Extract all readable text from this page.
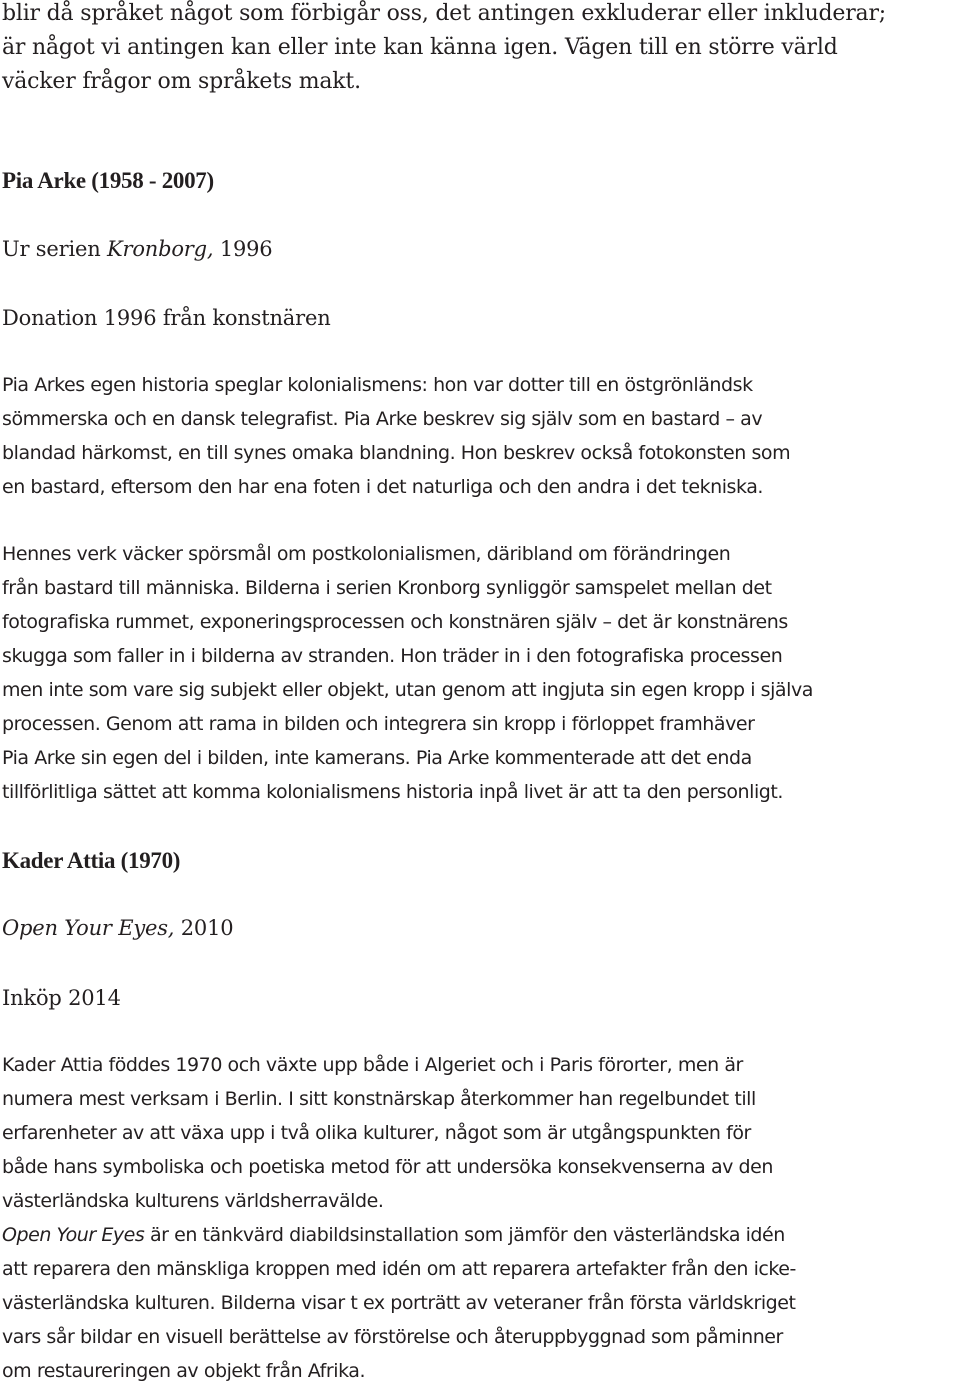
blir då språket något som förbigår oss, det antingen exkluderar eller inkluderar;
är något vi antingen kan eller inte kan känna igen. Vägen till en större värld
väcker frågor om språkets makt.

Pia Arke (1958 - 2007)

Ur serien Kronborg, 1996

Donation 1996 från konstnären

Pia Arkes egen historia speglar kolonialismens: hon var dotter till en östgrönländsk
sömmerska och en dansk telegrafist. Pia Arke beskrev sig själv som en bastard – av
blandad härkomst, en till synes omaka blandning. Hon beskrev också fotokonsten som
en bastard, eftersom den har ena foten i det naturliga och den andra i det tekniska.

Hennes verk väcker spörsmål om postkolonialismen, däribland om förändringen
från bastard till människa. Bilderna i serien Kronborg synliggör samspelet mellan det
fotografiska rummet, exponeringsprocessen och konstnären själv – det är konstnärens
skugga som faller in i bilderna av stranden. Hon träder in i den fotografiska processen
men inte som vare sig subjekt eller objekt, utan genom att ingjuta sin egen kropp i själva
processen. Genom att rama in bilden och integrera sin kropp i förloppet framhäver
Pia Arke sin egen del i bilden, inte kamerans. Pia Arke kommenterade att det enda
tillförlitliga sättet att komma kolonialismens historia inpå livet är att ta den personligt.

Kader Attia (1970)

Open Your Eyes, 2010

Inköp 2014

Kader Attia föddes 1970 och växte upp både i Algeriet och i Paris förorter, men är
numera mest verksam i Berlin. I sitt konstnärskap återkommer han regelbundet till
erfarenheter av att växa upp i två olika kulturer, något som är utgångspunkten för
både hans symboliska och poetiska metod för att undersöka konsekvenserna av den
västerländska kulturens världsherravälde.

Open Your Eyes är en tänkvärd diabildsinstallation som jämför den västerländska idén
att reparera den mänskliga kroppen med idén om att reparera artefakter från den icke-
västerländska kulturen. Bilderna visar t ex porträtt av veteraner från första världskriget
vars sår bildar en visuell berättelse av förstörelse och återuppbyggnad som påminner
om restaureringen av objekt från Afrika.
